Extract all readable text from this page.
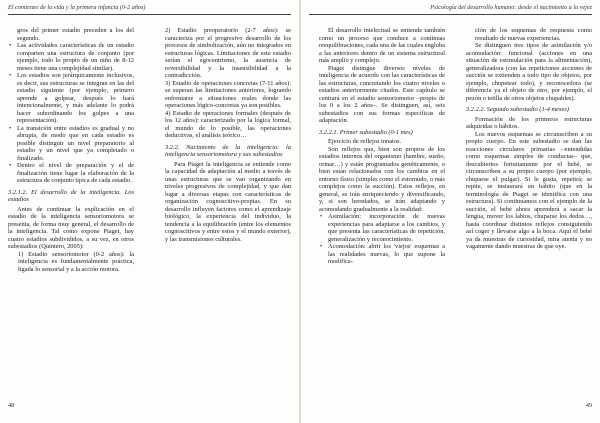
El comienzo de la vida y la primera infancia (0-2 años)
gros del primer estadio preceden a los del segundo.
• Las actividades características de un estadio comparten una estructura de conjunto (por ejemplo, todo lo propio de un niño de 8-12 meses tiene una complejidad similar).
• Los estadios son jerárquicamente inclusivos, es decir, sus estructuras se integran en las del estadio siguiente (por ejemplo, primero aprende a golpear, después lo hará intencionalmente, y más adelante lo podrá hacer subordinando los golpes a una representación).
• La transición entre estadios es gradual y no abrupta, de modo que en cada estadio es posible distinguir un nivel preparatorio al estadio y un nivel que ya completado o finalizado.
• Dentro el nivel de preparación y el de finalización tiene lugar la elaboración de la estructura de conjunto típica de cada estadio.

3.2.1.2. El desarrollo de la inteligencia. Los estadios

Antes de continuar la explicación en el estadio de la inteligencia sensoriomotora se presenta, de forma muy general, el desarrollo de la inteligencia. Tal como expone Piaget, hay cuatro estadios subdivididos, a su vez, en otros subestadios (Quintero, 2005):

1) Estadio sensoriomotor (0-2 años): la inteligencia es fundamentalmente práctica, ligada lo sensorial y a la acción motora.
2) Estadio preoperatorio (2-7 años): se caracteriza por el progresivo desarrollo de los procesos de simbolización, aún no integrados en estructuras lógicas. Limitaciones de este estadio serían el egocentrismo, la ausencia de reversibilidad y la insensibilidad a la contradicción.
3) Estadio de operaciones concretas (7-11 años): se superan las limitaciones anteriores, logrando enfrentarse a situaciones reales donde las operaciones lógico-concretas ya son posibles.
4) Estadio de operaciones formales (después de los 12 años): caracterizado por la lógica formal, el mundo de lo posible, las operaciones deductivas, el análisis teórico…

3.2.2. Nacimiento de la inteligencia: la inteligencia sensoriomotora y sus subestadios

Para Piaget la inteligencia se entiende como la capacidad de adaptación al medio a través de unas estructuras que se van organizando en niveles progresivos de complejidad, y que dan lugar a diversas etapas con características de organización cognoscitivo-propias. En su desarrollo influyen factores como el aprendizaje biológico, la experiencia del individuo, la tendencia a la equilibración (entre los elementos cognoscitivos y entre estos y el mundo exterior), y las transmisiones culturales.

48
Psicología del desarrollo humano: desde el nacimiento a la vejez

El desarrollo intelectual se entiende también como un proceso que conduce a continuas reequilibraciones, cada una de las cuales engloba a las anteriores dentro de un sistema estructural más amplio y complejo.

Piaget distingue diversos niveles de inteligencia de acuerdo con las características de las estructuras, concretando los cuatro niveles o estadios anteriormente citados. Este capítulo se centrará en el estadio sensoriomotor –propio de los 0 a los 2 años–. Se distinguen, así, seis subestadios con sus formas específicas de adaptación.

3.2.2.1. Primer subestadio (0-1 mes)

Ejercicio de reflejos innatos.

Son reflejos que, bien son propios de los estadios internos del organismo (hambre, sueño, orinar…) y están programados genéticamente, o bien están relacionados con los cambios en el entorno físico (simples como el estornudo, o más complejos como la succión). Estos reflejos, en general, se irán enriqueciendo y diversificando, y, si son heredados, se irán adaptando y acomodando gradualmente a la realidad:

• Asimilación: incorporación de nuevas experiencias para adaptarse a los cambios, y que presenta las características de repetición, generalización y reconocimiento.
• Acomodación: abrir los 'viejos' esquemas a las realidades nuevas, lo que supone la modifica-
ción de los esquemas de respuesta como resultado de nuevas experiencias.

Se distinguen tres tipos de asimilación y/o acomodación: funcional (acciones en una situación de estimulación para la alimentación), generalizadora (con las repeticiones acciones de succión se extienden a todo tipo de objetos, por ejemplo, chupetear todo), y reconocedora (se diferencia ya el objeto de otro, por ejemplo, el pezón o tetilla de otros objetos chupables).

3.2.2.2. Segundo subestadio (1-4 meses)

Formación de los primeros estructuras adquiridas o hábitos.

Los nuevos esquemas se circunscriben a su propio cuerpo. En este subestadio se dan las reacciones circulares primarias –entendidas como esquemas simples de conductas– que, descubiertos fortuitamente por el bebé, se circunscriben a su propio cuerpo (por ejemplo, chuparse el pulgar). Si le gusta, repetirá; se repite, se instaurará un hábito (que en la terminología de Piaget se identifica con una estructura). Si continuamos con el ejemplo de la succión, el bebé ahora aprenderá a sacar la lengua, mover los labios, chuparse los dedos…, hasta coordinar distintos reflejos consiguiendo así coger y llevarse algo a la boca. Aquí el bebé ya da muestras de curiosidad, mira atenta y no vagamente dando muestras de que oye.

49
